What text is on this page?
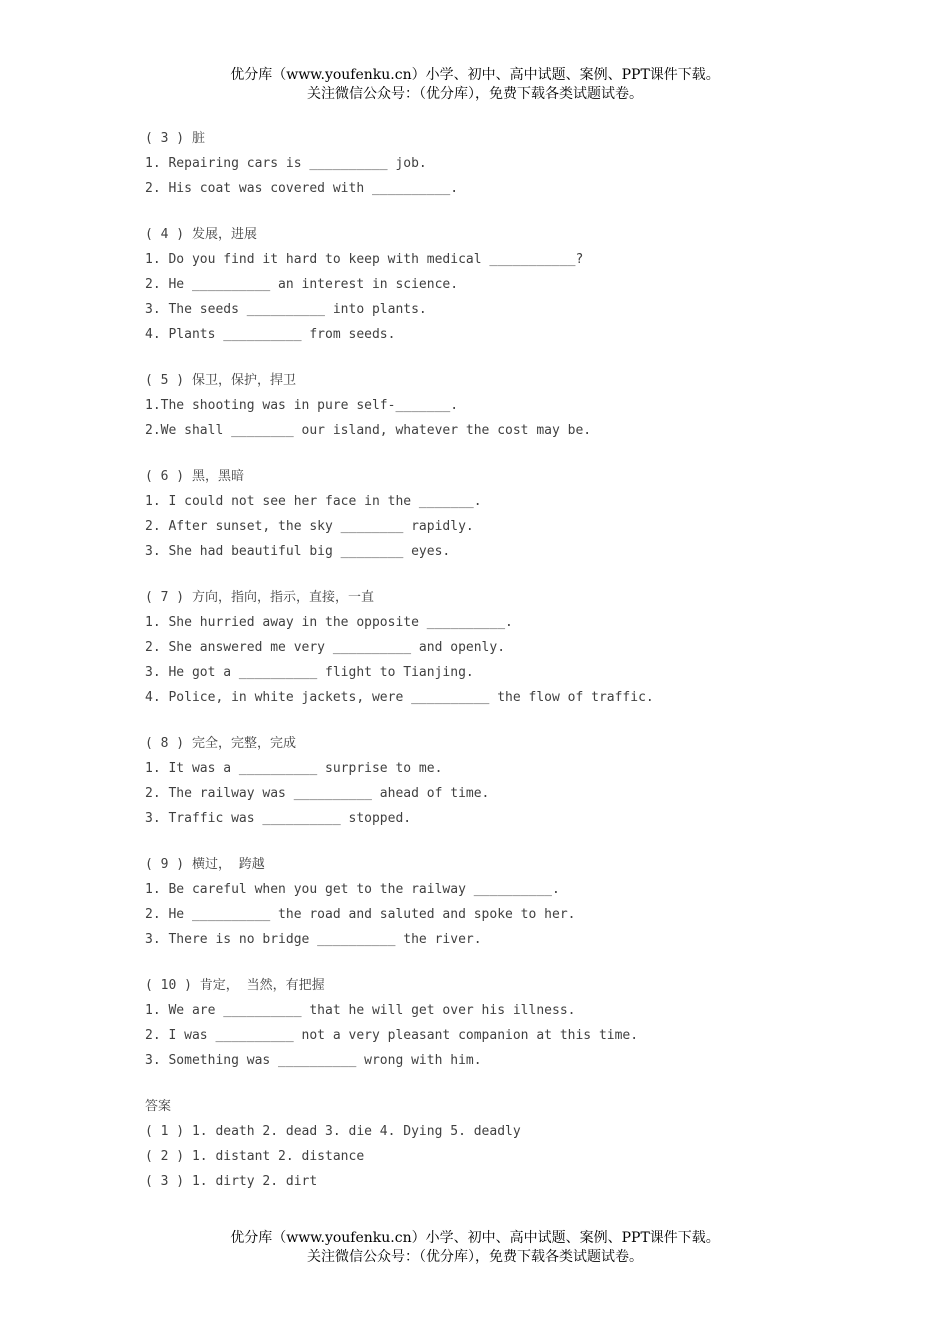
优分库（www.youfenku.cn）小学、初中、高中试题、案例、PPT课件下载。
关注微信公众号：（优分库），免费下载各类试题试卷。
( 3 ) 脏
1. Repairing cars is __________ job.
2. His coat was covered with __________.
( 4 ) 发展，进展
1. Do you find it hard to keep with medical ___________?
2. He __________ an interest in science.
3. The seeds __________ into plants.
4. Plants __________ from seeds.
( 5 ) 保卫，保护，捍卫
1.The shooting was in pure self-_______.
2.We shall ________ our island, whatever the cost may be.
( 6 ) 黑，黑暗
1. I could not see her face in the _______.
2. After sunset, the sky ________ rapidly.
3. She had beautiful big ________ eyes.
( 7 ) 方向，指向，指示，直接，一直
1. She hurried away in the opposite __________.
2. She answered me very __________ and openly.
3. He got a __________ flight to Tianjing.
4. Police, in white jackets, were __________ the flow of traffic.
( 8 ) 完全，完整，完成
1. It was a __________ surprise to me.
2. The railway was __________ ahead of time.
3. Traffic was __________ stopped.
( 9 ) 横过， 跨越
1. Be careful when you get to the railway __________.
2. He __________ the road and saluted and spoke to her.
3. There is no bridge __________ the river.
( 10 ) 肯定， 当然，有把握
1. We are __________ that he will get over his illness.
2. I was __________ not a very pleasant companion at this time.
3. Something was __________ wrong with him.
答案
( 1 ) 1. death 2. dead 3. die 4. Dying 5. deadly
( 2 ) 1. distant 2. distance
( 3 ) 1. dirty 2. dirt
优分库（www.youfenku.cn）小学、初中、高中试题、案例、PPT课件下载。
关注微信公众号：（优分库），免费下载各类试题试卷。
